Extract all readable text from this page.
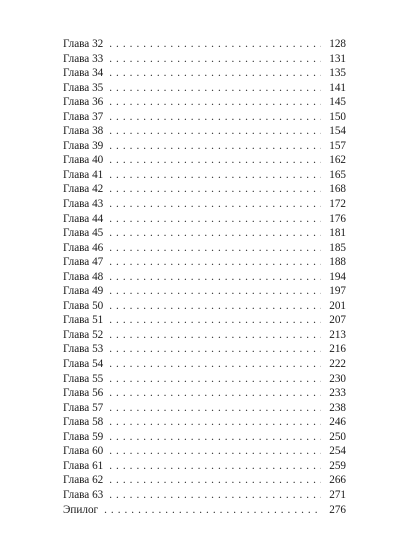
Глава 32 . . .	128
Глава 33 . . .	131
Глава 34 . . .	135
Глава 35 . . .	141
Глава 36 . . .	145
Глава 37 . . .	150
Глава 38 . . .	154
Глава 39 . . .	157
Глава 40 . . .	162
Глава 41 . . .	165
Глава 42 . . .	168
Глава 43 . . .	172
Глава 44 . . .	176
Глава 45 . . .	181
Глава 46 . . .	185
Глава 47 . . .	188
Глава 48 . . .	194
Глава 49 . . .	197
Глава 50 . . .	201
Глава 51 . . .	207
Глава 52 . . .	213
Глава 53 . . .	216
Глава 54 . . .	222
Глава 55 . . .	230
Глава 56 . . .	233
Глава 57 . . .	238
Глава 58 . . .	246
Глава 59 . . .	250
Глава 60 . . .	254
Глава 61 . . .	259
Глава 62 . . .	266
Глава 63 . . .	271
Эпилог . . .	276
